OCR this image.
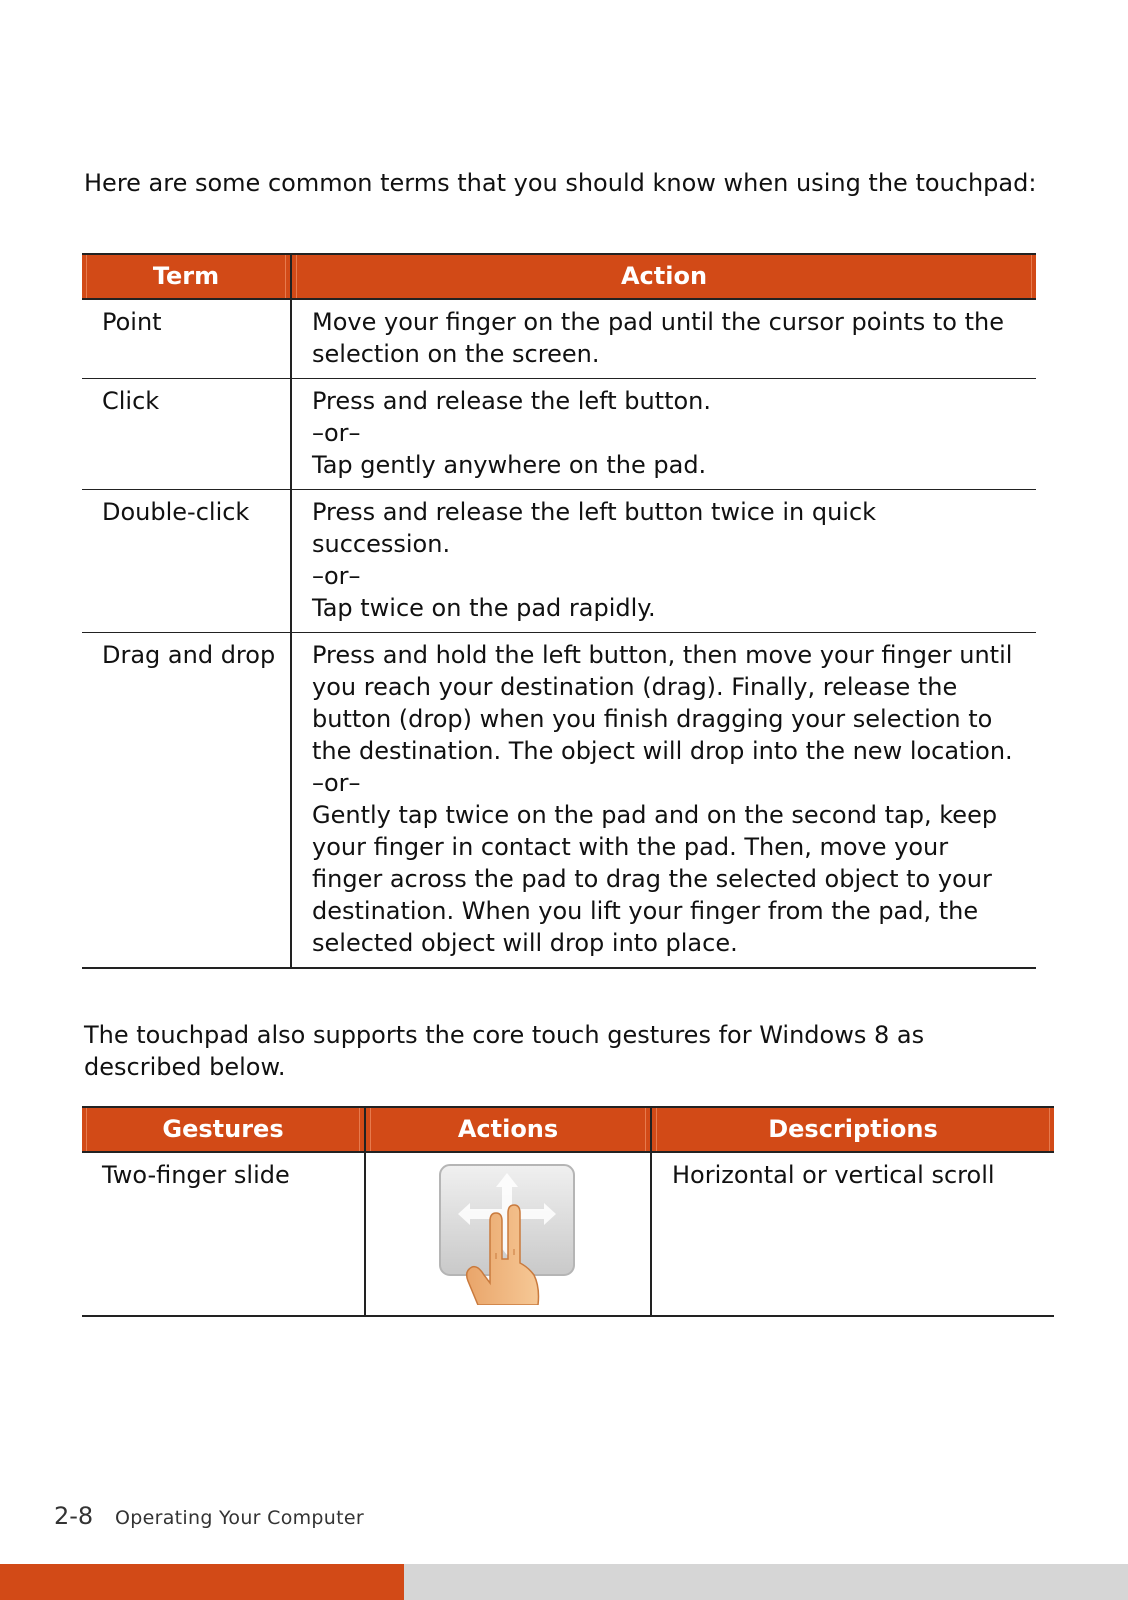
Here are some common terms that you should know when using the touchpad:

Term	Action

Point	Move your finger on the pad until the cursor points to the selection on the screen.

Click	Press and release the left button.
–or–
Tap gently anywhere on the pad.

Double-click	Press and release the left button twice in quick succession.
–or–
Tap twice on the pad rapidly.

Drag and drop	Press and hold the left button, then move your finger until you reach your destination (drag). Finally, release the button (drop) when you finish dragging your selection to the destination. The object will drop into the new location.
–or–
Gently tap twice on the pad and on the second tap, keep your finger in contact with the pad. Then, move your finger across the pad to drag the selected object to your destination. When you lift your finger from the pad, the selected object will drop into place.

The touchpad also supports the core touch gestures for Windows 8 as described below.

Gestures	Actions	Descriptions

Two-finger slide		Horizontal or vertical scroll

2-8 Operating Your Computer
